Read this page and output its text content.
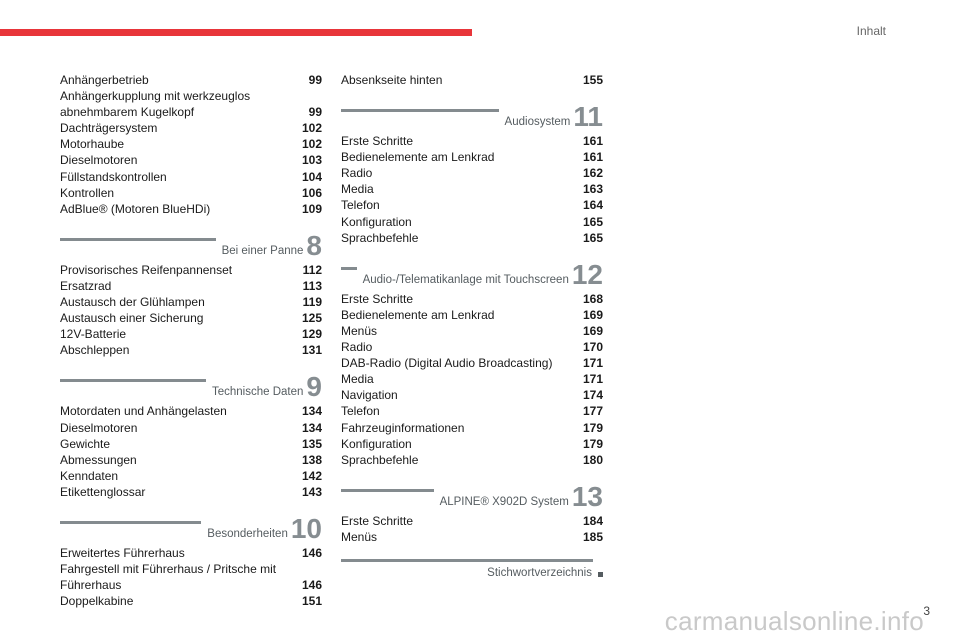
Inhalt
Anhängerbetrieb	99
Anhängerkupplung mit werkzeuglos
abnehmbarem Kugelkopf	99
Dachträgersystem	102
Motorhaube	102
Dieselmotoren	103
Füllstandskontrollen	104
Kontrollen	106
AdBlue® (Motoren BlueHDi)	109
Bei einer Panne 8
Provisorisches Reifenpannenset	112
Ersatzrad	113
Austausch der Glühlampen	119
Austausch einer Sicherung	125
12V-Batterie	129
Abschleppen	131
Technische Daten 9
Motordaten und Anhängelasten	134
Dieselmotoren	134
Gewichte	135
Abmessungen	138
Kenndaten	142
Etikettenglossar	143
Besonderheiten 10
Erweitertes Führerhaus	146
Fahrgestell mit Führerhaus / Pritsche mit
Führerhaus	146
Doppelkabine	151
Absenkseite hinten	155
Audiosystem 11
Erste Schritte	161
Bedienelemente am Lenkrad	161
Radio	162
Media	163
Telefon	164
Konfiguration	165
Sprachbefehle	165
Audio-/Telematikanlage mit Touchscreen 12
Erste Schritte	168
Bedienelemente am Lenkrad	169
Menüs	169
Radio	170
DAB-Radio (Digital Audio Broadcasting)	171
Media	171
Navigation	174
Telefon	177
Fahrzeuginformationen	179
Konfiguration	179
Sprachbefehle	180
ALPINE® X902D System 13
Erste Schritte	184
Menüs	185
Stichwortverzeichnis
3
carmanualsonline.info
